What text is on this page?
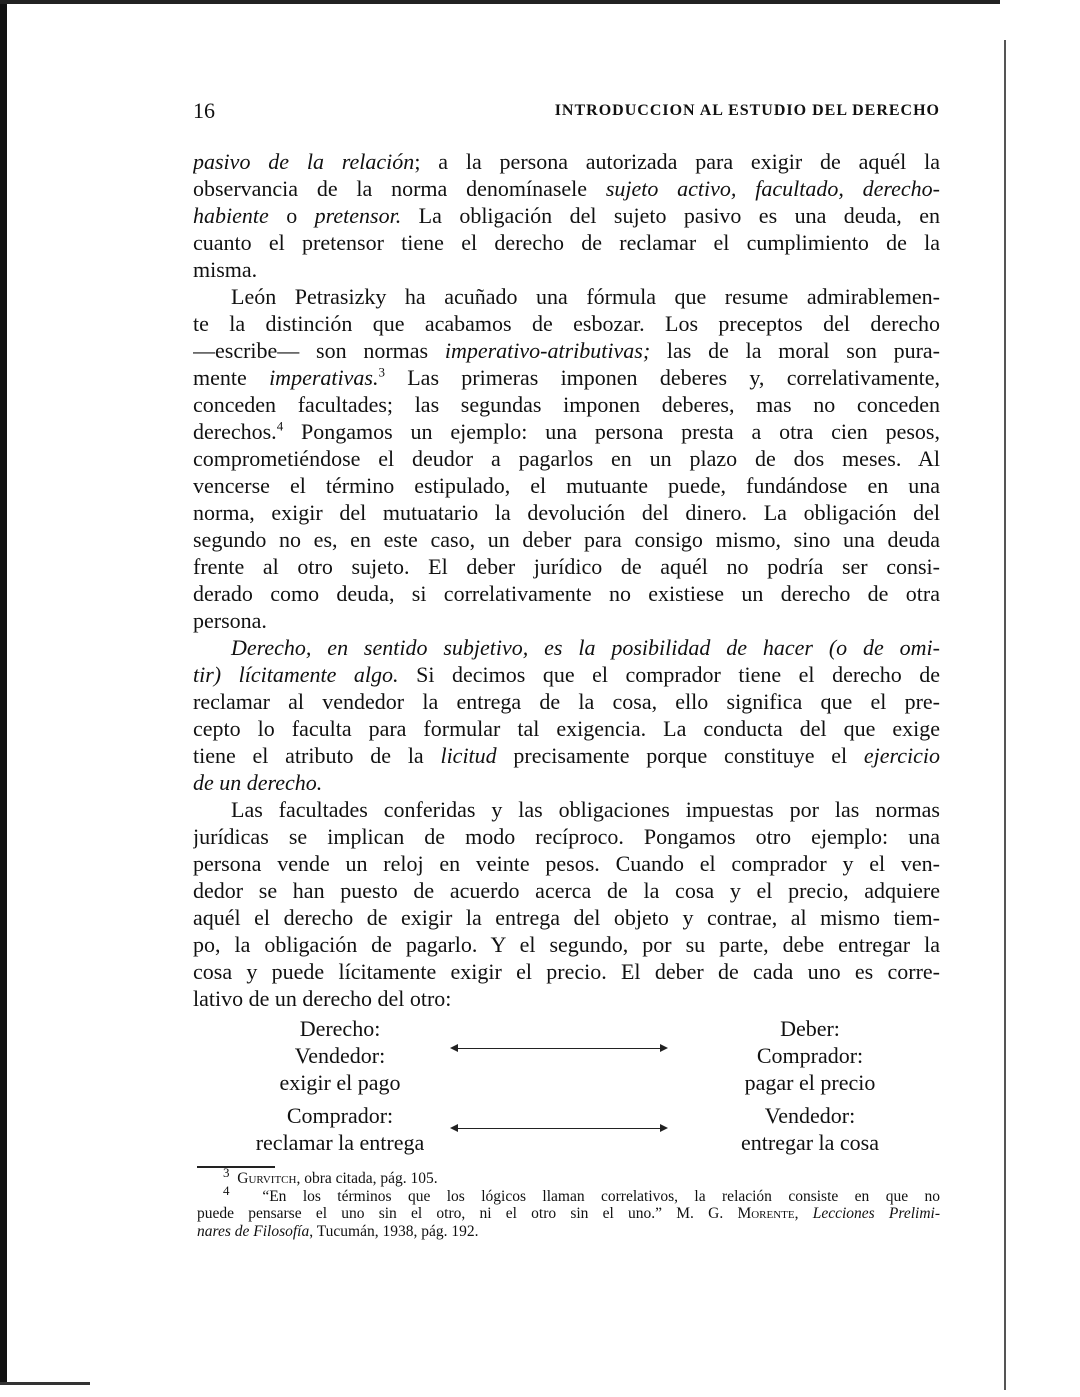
16	INTRODUCCION AL ESTUDIO DEL DERECHO
pasivo de la relación; a la persona autorizada para exigir de aquél la
observancia de la norma denomínasele sujeto activo, facultado, derecho-
habiente o pretensor. La obligación del sujeto pasivo es una deuda, en
cuanto el pretensor tiene el derecho de reclamar el cumplimiento de la
misma.
León Petrasizky ha acuñado una fórmula que resume admirablemen-
te la distinción que acabamos de esbozar. Los preceptos del derecho
—escribe— son normas imperativo-atributivas; las de la moral son pura-
mente imperativas.$^3$ Las primeras imponen deberes y, correlativamente,
conceden facultades; las segundas imponen deberes, mas no conceden
derechos.$^4$ Pongamos un ejemplo: una persona presta a otra cien pesos,
comprometiéndose el deudor a pagarlos en un plazo de dos meses. Al
vencerse el término estipulado, el mutuante puede, fundándose en una
norma, exigir del mutuatario la devolución del dinero. La obligación del
segundo no es, en este caso, un deber para consigo mismo, sino una deuda
frente al otro sujeto. El deber jurídico de aquél no podría ser consi-
derado como deuda, si correlativamente no existiese un derecho de otra
persona.
Derecho, en sentido subjetivo, es la posibilidad de hacer (o de omi-
tir) lícitamente algo. Si decimos que el comprador tiene el derecho de
reclamar al vendedor la entrega de la cosa, ello significa que el pre-
cepto lo faculta para formular tal exigencia. La conducta del que exige
tiene el atributo de la licitud precisamente porque constituye el ejercicio
de un derecho.
Las facultades conferidas y las obligaciones impuestas por las normas
jurídicas se implican de modo recíproco. Pongamos otro ejemplo: una
persona vende un reloj en veinte pesos. Cuando el comprador y el ven-
dedor se han puesto de acuerdo acerca de la cosa y el precio, adquiere
aquél el derecho de exigir la entrega del objeto y contrae, al mismo tiem-
po, la obligación de pagarlo. Y el segundo, por su parte, debe entregar la
cosa y puede lícitamente exigir el precio. El deber de cada uno es corre-
lativo de un derecho del otro:
Derecho:
Vendedor:
exigir el pago
Comprador:
reclamar la entrega
Deber:
Comprador:
pagar el precio
Vendedor:
entregar la cosa
$^3$ Gurvitch, obra citada, pág. 105.
$^4$ “En los términos que los lógicos llaman correlativos, la relación consiste en que no
puede pensarse el uno sin el otro, ni el otro sin el uno.” M. G. Morente, Lecciones Prelimi-
nares de Filosofía, Tucumán, 1938, pág. 192.
